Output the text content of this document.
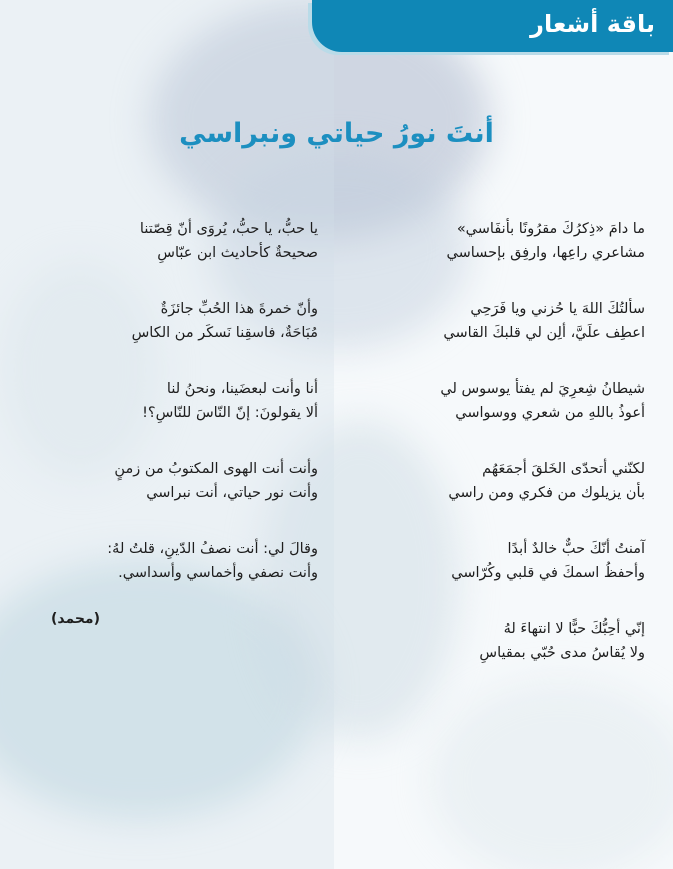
باقة أشعار
أنتَ نورُ حياتي ونبراسي
ما دامَ «ذِكرُكَ مقرُونًا بأنفَاسي»
مشاعري راعِها، وارفِق بإحساسي
سألتُكَ اللهَ يا حُزني ويا فَرَحِي
اعطِف علَيَّ، ألِن لي قلبكَ القاسي
شيطانُ شِعرِيَ لم يفتأ يوسوس لي
أعوذُ باللهِ من شعري ووسواسي
لكنّني أتحدّى الخَلقَ أجمَعَهُم
بأن يزيلوك من فكري ومن راسي
آمنتُ أنّكَ حبٌّ خالدٌ أبدًا
وأحفظُ اسمكَ في قلبي وكُرّاسي
إنّي أحِبُّكَ حبًّا لا انتهاءَ لهُ
ولا يُقاسُ مدى حُبّي بمقياسِ
يا حبُّ، يا حبُّ، يُروَى أنّ قِصّتنا
صحيحةٌ كأحاديث ابن عبّاسِ
وأنّ خمرةَ هذا الحُبِّ جائزَةٌ
مُبَاحَةٌ، فاسقِنا نَسكَر من الكاسِ
أنا وأنت لبعضَينا، ونحنُ لنا
ألا يقولونَ: إنّ النّاسَ للنّاسِ؟!
وأنت أنت الهوى المكتوبُ من زمنٍ
وأنت نور حياتي، أنت نبراسي
وقالَ لي: أنت نصفُ الدّينِ، قلتُ لهُ:
وأنت نصفي وأخماسي وأسداسي.
(محمد)
